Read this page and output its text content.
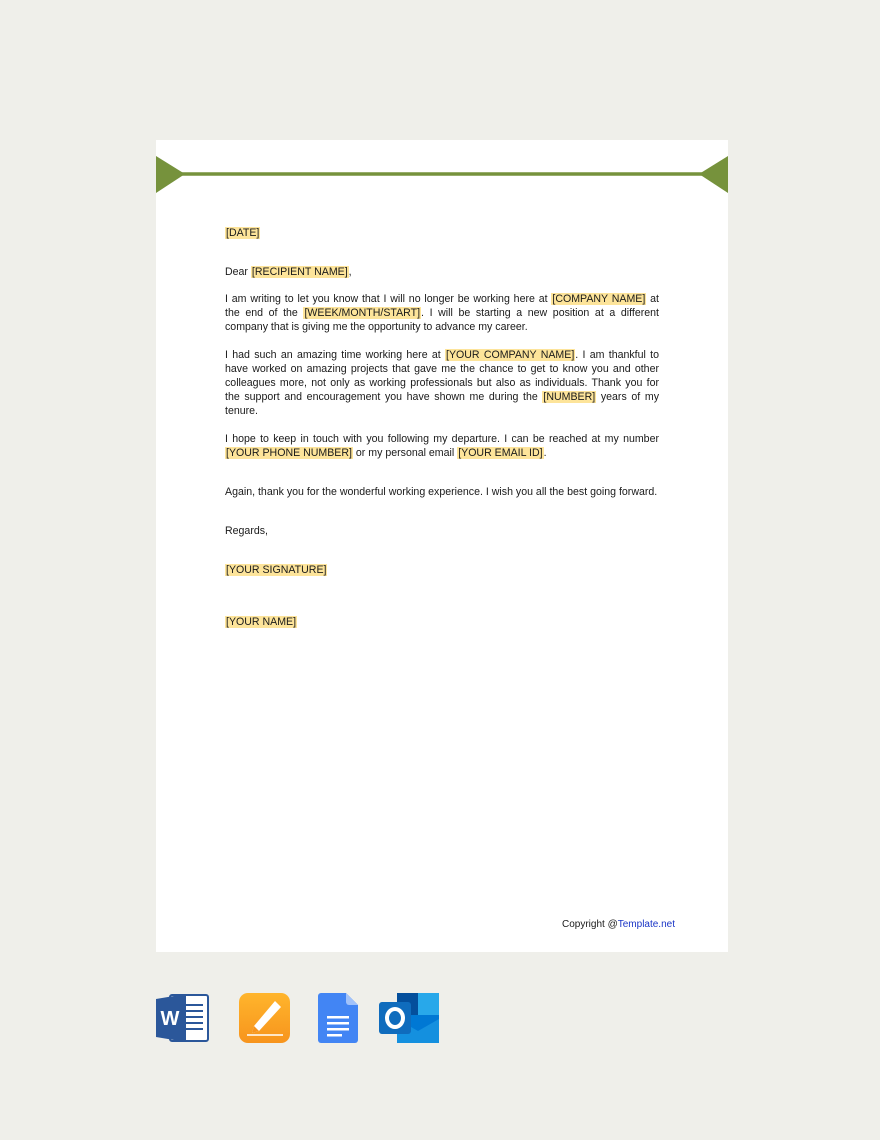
[DATE]

Dear [RECIPIENT NAME],

I am writing to let you know that I will no longer be working here at [COMPANY NAME] at the end of the [WEEK/MONTH/START]. I will be starting a new position at a different company that is giving me the opportunity to advance my career.

I had such an amazing time working here at [YOUR COMPANY NAME]. I am thankful to have worked on amazing projects that gave me the chance to get to know you and other colleagues more, not only as working professionals but also as individuals. Thank you for the support and encouragement you have shown me during the [NUMBER] years of my tenure.

I hope to keep in touch with you following my departure. I can be reached at my number [YOUR PHONE NUMBER] or my personal email [YOUR EMAIL ID].

Again, thank you for the wonderful working experience. I wish you all the best going forward.

Regards,

[YOUR SIGNATURE]

[YOUR NAME]

Copyright @Template.net
W
